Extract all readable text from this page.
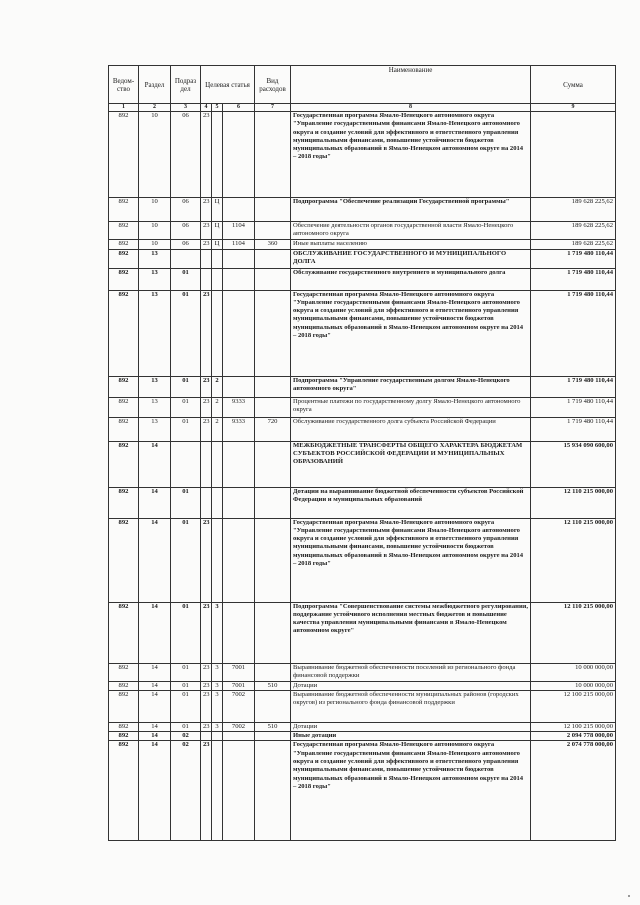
Ведом-ство	Раздел	Подраз дел	Целевая статья			Вид расходов	Наименование	Сумма
1	2	3	4	5	6	7	8	9
892	10	06	23				Государственная программа Ямало-Ненецкого автономного округа "Управление государственными финансами Ямало-Ненецкого автономного округа и создание условий для эффективного и ответственного управления муниципальными финансами, повышение устойчивости бюджетов муниципальных образований в Ямало-Ненецком автономном округе на 2014 – 2018 годы"	
892	10	06	23	Ц			Подпрограмма "Обеспечение реализации Государственной программы"	189 628 225,62
892	10	06	23	Ц	1104		Обеспечение деятельности органов государственной власти Ямало-Ненецкого автономного округа	189 628 225,62
892	10	06	23	Ц	1104	360	Иные выплаты населению	189 628 225,62
892	13						ОБСЛУЖИВАНИЕ ГОСУДАРСТВЕННОГО И МУНИЦИПАЛЬНОГО ДОЛГА	1 719 480 110,44
892	13	01					Обслуживание государственного внутреннего и муниципального долга	1 719 480 110,44
892	13	01	23				Государственная программа Ямало-Ненецкого автономного округа "Управление государственными финансами Ямало-Ненецкого автономного округа и создание условий для эффективного и ответственного управления муниципальными финансами, повышение устойчивости бюджетов муниципальных образований в Ямало-Ненецком автономном округе на 2014 – 2018 годы"	1 719 480 110,44
892	13	01	23	2			Подпрограмма "Управление государственным долгом Ямало-Ненецкого автономного округа"	1 719 480 110,44
892	13	01	23	2	9333		Процентные платежи по государственному долгу Ямало-Ненецкого автономного округа	1 719 480 110,44
892	13	01	23	2	9333	720	Обслуживание государственного долга субъекта Российской Федерации	1 719 480 110,44
892	14						МЕЖБЮДЖЕТНЫЕ ТРАНСФЕРТЫ ОБЩЕГО ХАРАКТЕРА БЮДЖЕТАМ СУБЪЕКТОВ РОССИЙСКОЙ ФЕДЕРАЦИИ И МУНИЦИПАЛЬНЫХ ОБРАЗОВАНИЙ	15 934 090 600,00
892	14	01					Дотации на выравнивание бюджетной обеспеченности субъектов Российской Федерации и муниципальных образований	12 110 215 000,00
892	14	01	23				Государственная программа Ямало-Ненецкого автономного округа "Управление государственными финансами Ямало-Ненецкого автономного округа и создание условий для эффективного и ответственного управления муниципальными финансами, повышение устойчивости бюджетов муниципальных образований в Ямало-Ненецком автономном округе на 2014 – 2018 годы"	12 110 215 000,00
892	14	01	23	3			Подпрограмма "Совершенствование системы межбюджетного регулирования, поддержание устойчивого исполнения местных бюджетов и повышение качества управления муниципальными финансами в Ямало-Ненецком автономном округе"	12 110 215 000,00
892	14	01	23	3	7001		Выравнивание бюджетной обеспеченности поселений из регионального фонда финансовой поддержки	10 000 000,00
892	14	01	23	3	7001	510	Дотации	10 000 000,00
892	14	01	23	3	7002		Выравнивание бюджетной обеспеченности муниципальных районов (городских округов) из регионального фонда финансовой поддержки	12 100 215 000,00
892	14	01	23	3	7002	510	Дотации	12 100 215 000,00
892	14	02					Иные дотации	2 094 778 000,00
892	14	02	23				Государственная программа Ямало-Ненецкого автономного округа "Управление государственными финансами Ямало-Ненецкого автономного округа и создание условий для эффективного и ответственного управления муниципальными финансами, повышение устойчивости бюджетов муниципальных образований в Ямало-Ненецком автономном округе на 2014 – 2018 годы"	2 074 778 000,00
